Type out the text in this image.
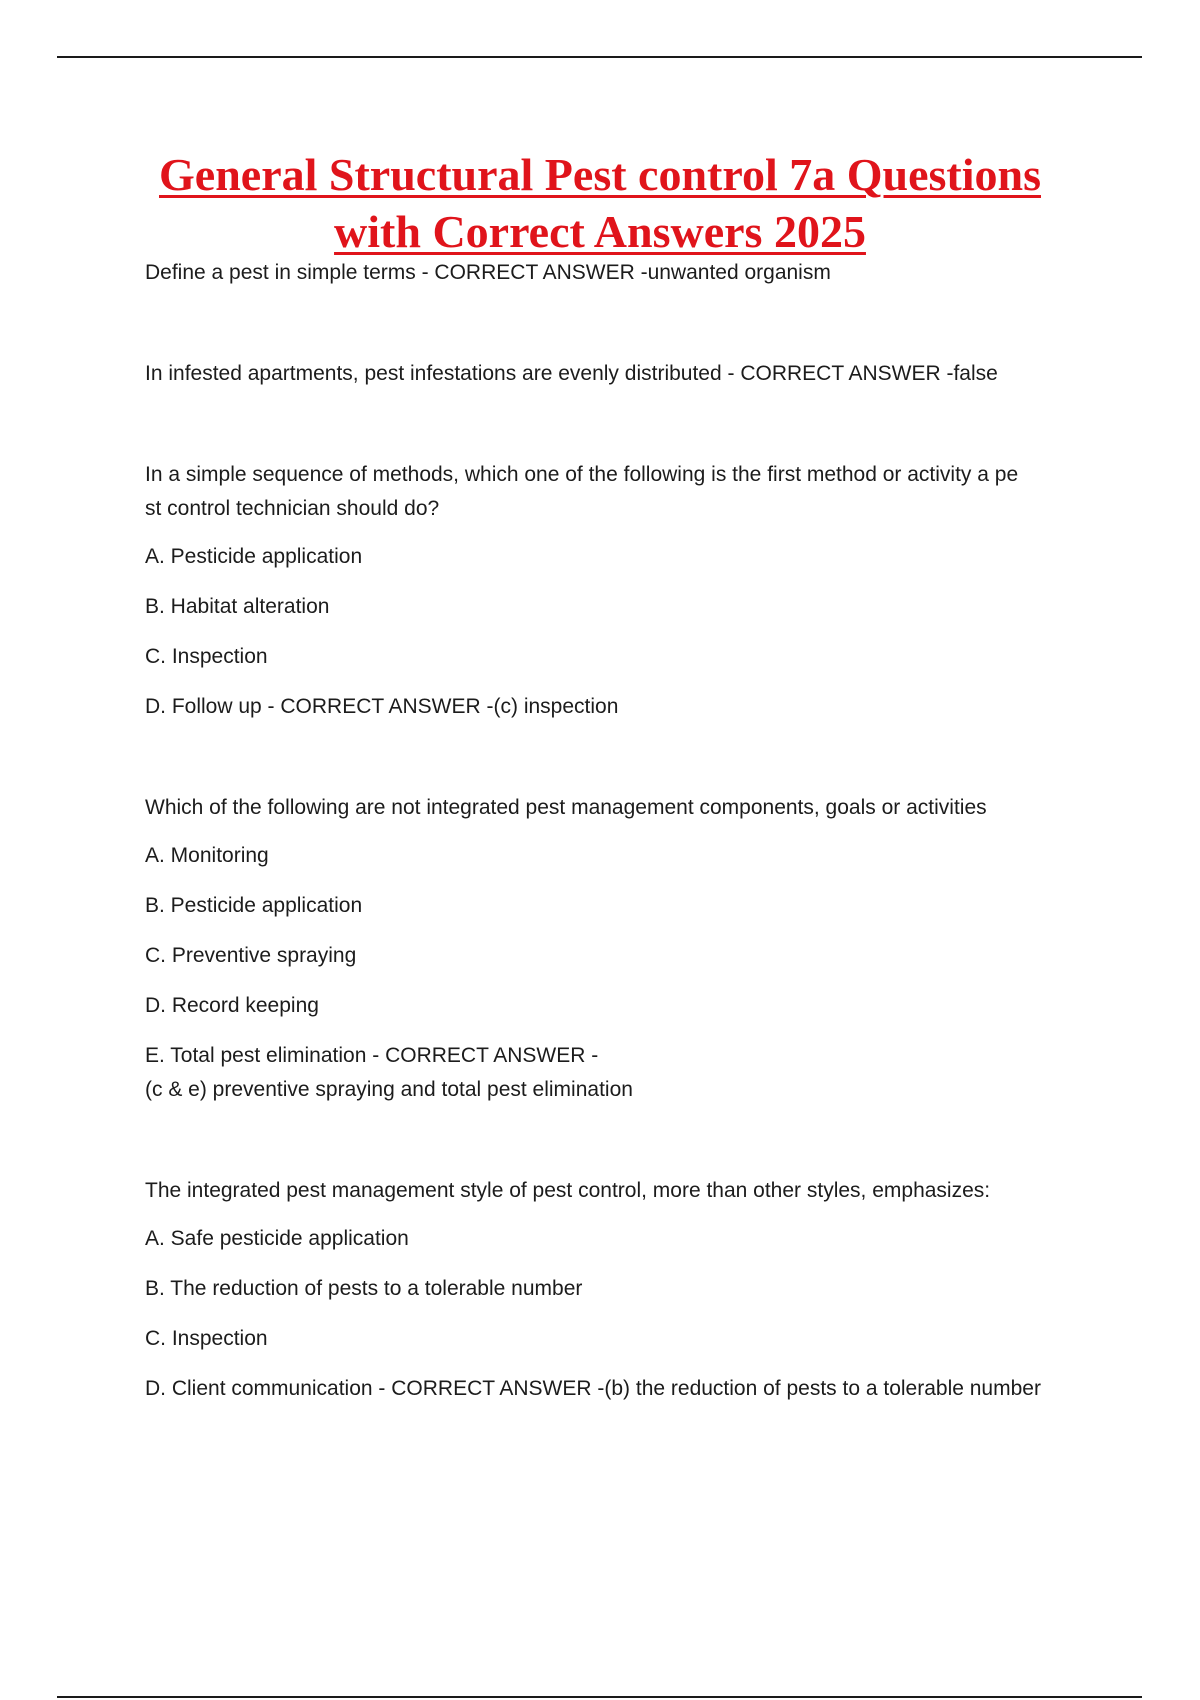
General Structural Pest control 7a Questions
with Correct Answers 2025

Define a pest in simple terms - CORRECT ANSWER -unwanted organism

In infested apartments, pest infestations are evenly distributed - CORRECT ANSWER -false

In a simple sequence of methods, which one of the following is the first method or activity a pe

st control technician should do?

A. Pesticide application

B. Habitat alteration

C. Inspection

D. Follow up - CORRECT ANSWER -(c) inspection

Which of the following are not integrated pest management components, goals or activities

A. Monitoring

B. Pesticide application

C. Preventive spraying

D. Record keeping

E. Total pest elimination - CORRECT ANSWER -

(c & e) preventive spraying and total pest elimination

The integrated pest management style of pest control, more than other styles, emphasizes:

A. Safe pesticide application

B. The reduction of pests to a tolerable number

C. Inspection

D. Client communication - CORRECT ANSWER -(b) the reduction of pests to a tolerable number
